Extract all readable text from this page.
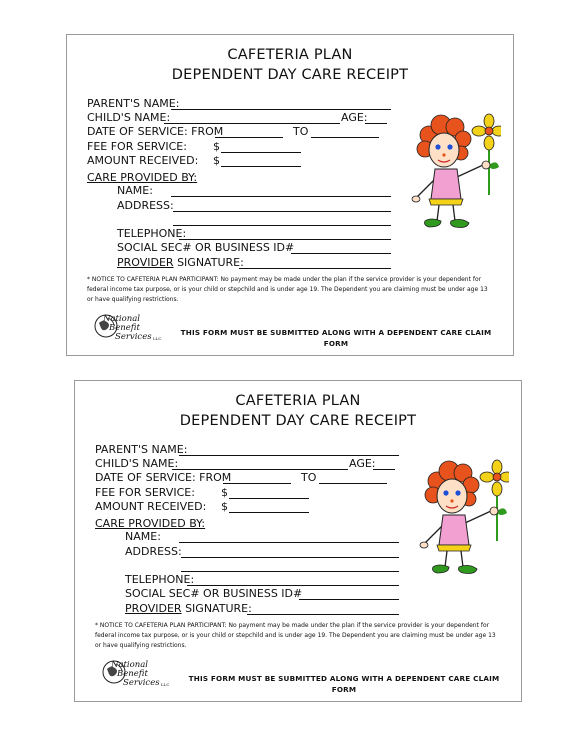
CAFETERIA PLAN
DEPENDENT DAY CARE RECEIPT
PARENT'S NAME:
CHILD'S NAME:	AGE:
DATE OF SERVICE: FROM	TO
FEE FOR SERVICE: $
AMOUNT RECEIVED: $
CARE PROVIDED BY:
NAME:
ADDRESS:
TELEPHONE:
SOCIAL SEC# OR BUSINESS ID#
PROVIDER SIGNATURE:
* NOTICE TO CAFETERIA PLAN PARTICIPANT: No payment may be made under the plan if the service provider is your dependent for federal income tax purpose, or is your child or stepchild and is under age 19. The Dependent you are claiming must be under age 13 or have qualifying restrictions.
National
Benefit
Services LLC
THIS FORM MUST BE SUBMITTED ALONG WITH A DEPENDENT CARE CLAIM
FORM
CAFETERIA PLAN
DEPENDENT DAY CARE RECEIPT
PARENT'S NAME:
CHILD'S NAME:	AGE:
DATE OF SERVICE: FROM	TO
FEE FOR SERVICE: $
AMOUNT RECEIVED: $
CARE PROVIDED BY:
NAME:
ADDRESS:
TELEPHONE:
SOCIAL SEC# OR BUSINESS ID#
PROVIDER SIGNATURE:
* NOTICE TO CAFETERIA PLAN PARTICIPANT: No payment may be made under the plan if the service provider is your dependent for federal income tax purpose, or is your child or stepchild and is under age 19. The Dependent you are claiming must be under age 13 or have qualifying restrictions.
National
Benefit
Services LLC
THIS FORM MUST BE SUBMITTED ALONG WITH A DEPENDENT CARE CLAIM
FORM
